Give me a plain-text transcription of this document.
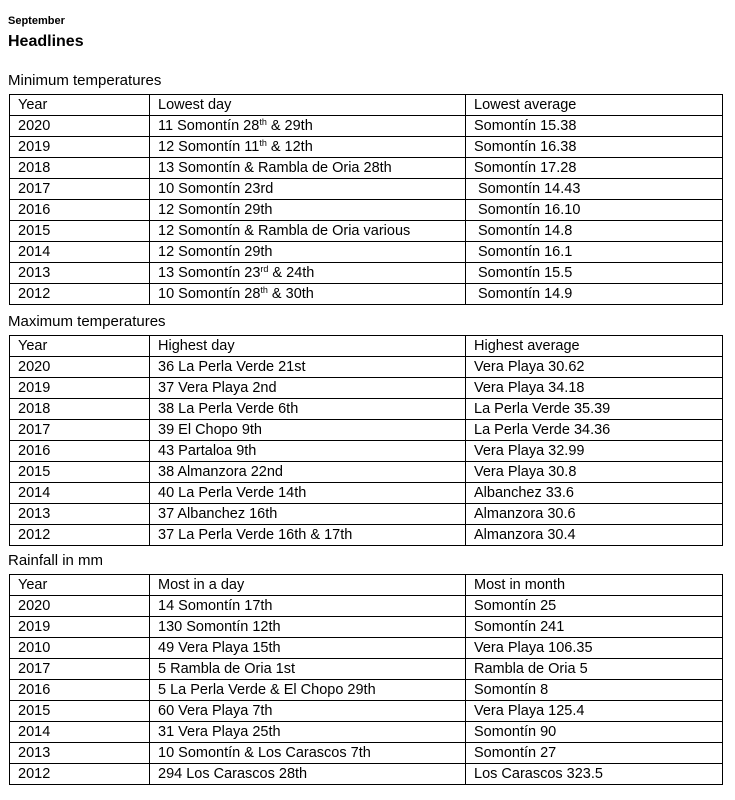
September
Headlines
Minimum temperatures
Year	Lowest day	Lowest average
2020	11 Somontín 28th & 29th	Somontín 15.38
2019	12 Somontín 11th & 12th	Somontín 16.38
2018	13 Somontín & Rambla de Oria 28th	Somontín 17.28
2017	10 Somontín 23rd	Somontín 14.43
2016	12 Somontín 29th	Somontín 16.10
2015	12 Somontín & Rambla de Oria various	Somontín 14.8
2014	12 Somontín 29th	Somontín 16.1
2013	13 Somontín 23rd & 24th	Somontín 15.5
2012	10 Somontín 28th & 30th	Somontín 14.9
Maximum temperatures
Year	Highest day	Highest average
2020	36 La Perla Verde 21st	Vera Playa 30.62
2019	37 Vera Playa 2nd	Vera Playa 34.18
2018	38 La Perla Verde 6th	La Perla Verde 35.39
2017	39 El Chopo 9th	La Perla Verde 34.36
2016	43 Partaloa 9th	Vera Playa 32.99
2015	38 Almanzora 22nd	Vera Playa 30.8
2014	40 La Perla Verde 14th	Albanchez 33.6
2013	37 Albanchez 16th	Almanzora 30.6
2012	37 La Perla Verde 16th & 17th	Almanzora 30.4
Rainfall in mm
Year	Most in a day	Most in month
2020	14 Somontín 17th	Somontín 25
2019	130 Somontín 12th	Somontín 241
2010	49 Vera Playa 15th	Vera Playa 106.35
2017	5 Rambla de Oria 1st	Rambla de Oria 5
2016	5 La Perla Verde & El Chopo 29th	Somontín 8
2015	60 Vera Playa 7th	Vera Playa 125.4
2014	31 Vera Playa 25th	Somontín 90
2013	10 Somontín & Los Carascos 7th	Somontín 27
2012	294 Los Carascos 28th	Los Carascos 323.5
